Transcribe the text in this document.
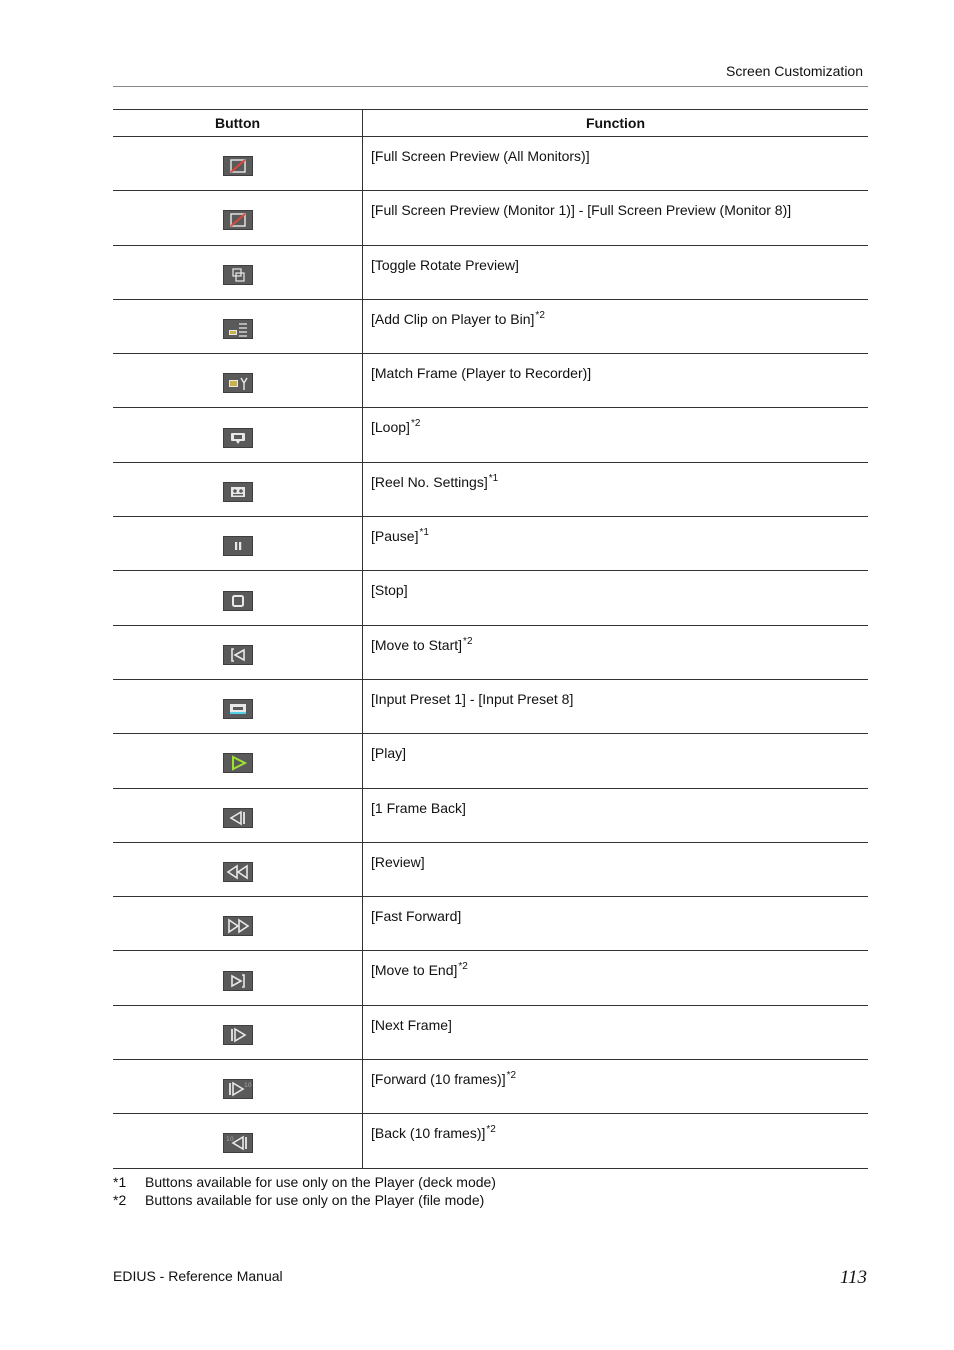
Screen Customization
Button	Function

	[Full Screen Preview (All Monitors)]

	[Full Screen Preview (Monitor 1)] - [Full Screen Preview (Monitor 8)]

	[Toggle Rotate Preview]

	[Add Clip on Player to Bin]$^{*2}$

	[Match Frame (Player to Recorder)]

	[Loop]$^{*2}$

	[Reel No. Settings]$^{*1}$

	[Pause]$^{*1}$

	[Stop]

	[Move to Start]$^{*2}$

	[Input Preset 1] - [Input Preset 8]

	[Play]

	[1 Frame Back]

	[Review]

	[Fast Forward]

	[Move to End]$^{*2}$

	[Next Frame]

10	[Forward (10 frames)]$^{*2}$

10	[Back (10 frames)]$^{*2}$
*1	Buttons available for use only on the Player (deck mode)
*2	Buttons available for use only on the Player (file mode)
EDIUS - Reference Manual	113
